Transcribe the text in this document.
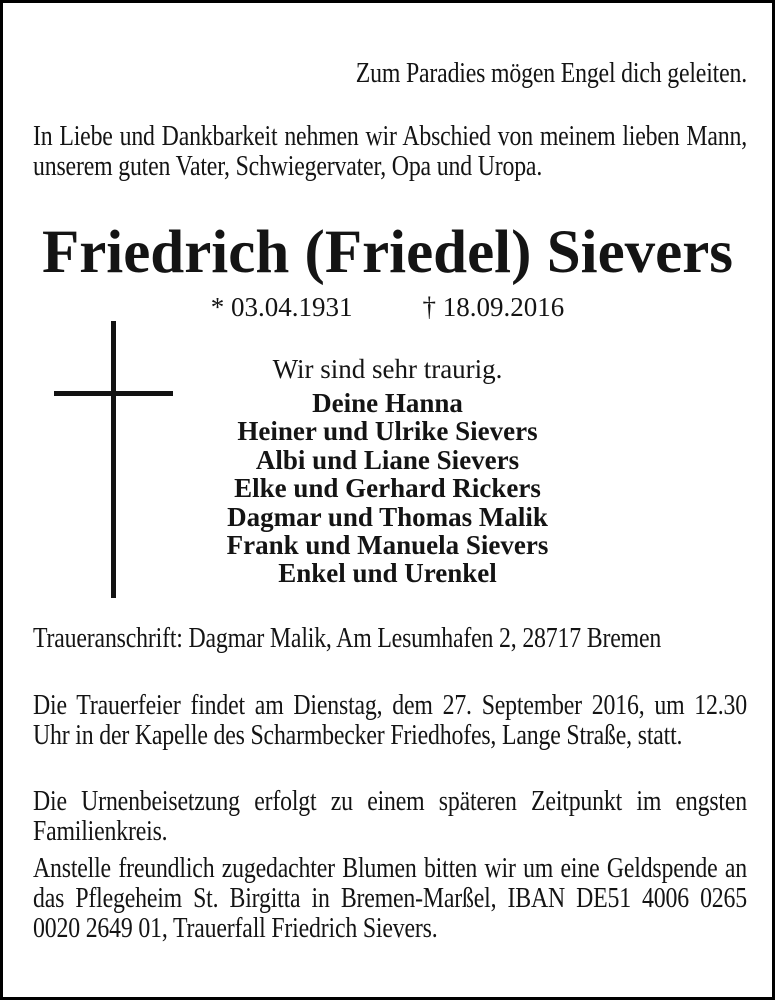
Zum Paradies mögen Engel dich geleiten.
In Liebe und Dankbarkeit nehmen wir Abschied von meinem lieben Mann, unserem guten Vater, Schwiegervater, Opa und Uropa.
Friedrich (Friedel) Sievers
* 03.04.1931	† 18.09.2016
Wir sind sehr traurig.
Deine Hanna
Heiner und Ulrike Sievers
Albi und Liane Sievers
Elke und Gerhard Rickers
Dagmar und Thomas Malik
Frank und Manuela Sievers
Enkel und Urenkel
Traueranschrift: Dagmar Malik, Am Lesumhafen 2, 28717 Bremen
Die Trauerfeier findet am Dienstag, dem 27. September 2016, um 12.30 Uhr in der Kapelle des Scharmbecker Friedhofes, Lange Straße, statt.
Die Urnenbeisetzung erfolgt zu einem späteren Zeitpunkt im engsten Familienkreis.
Anstelle freundlich zugedachter Blumen bitten wir um eine Geldspende an das Pflegeheim St. Birgitta in Bremen-Marßel, IBAN DE51 4006 0265 0020 2649 01, Trauerfall Friedrich Sievers.
